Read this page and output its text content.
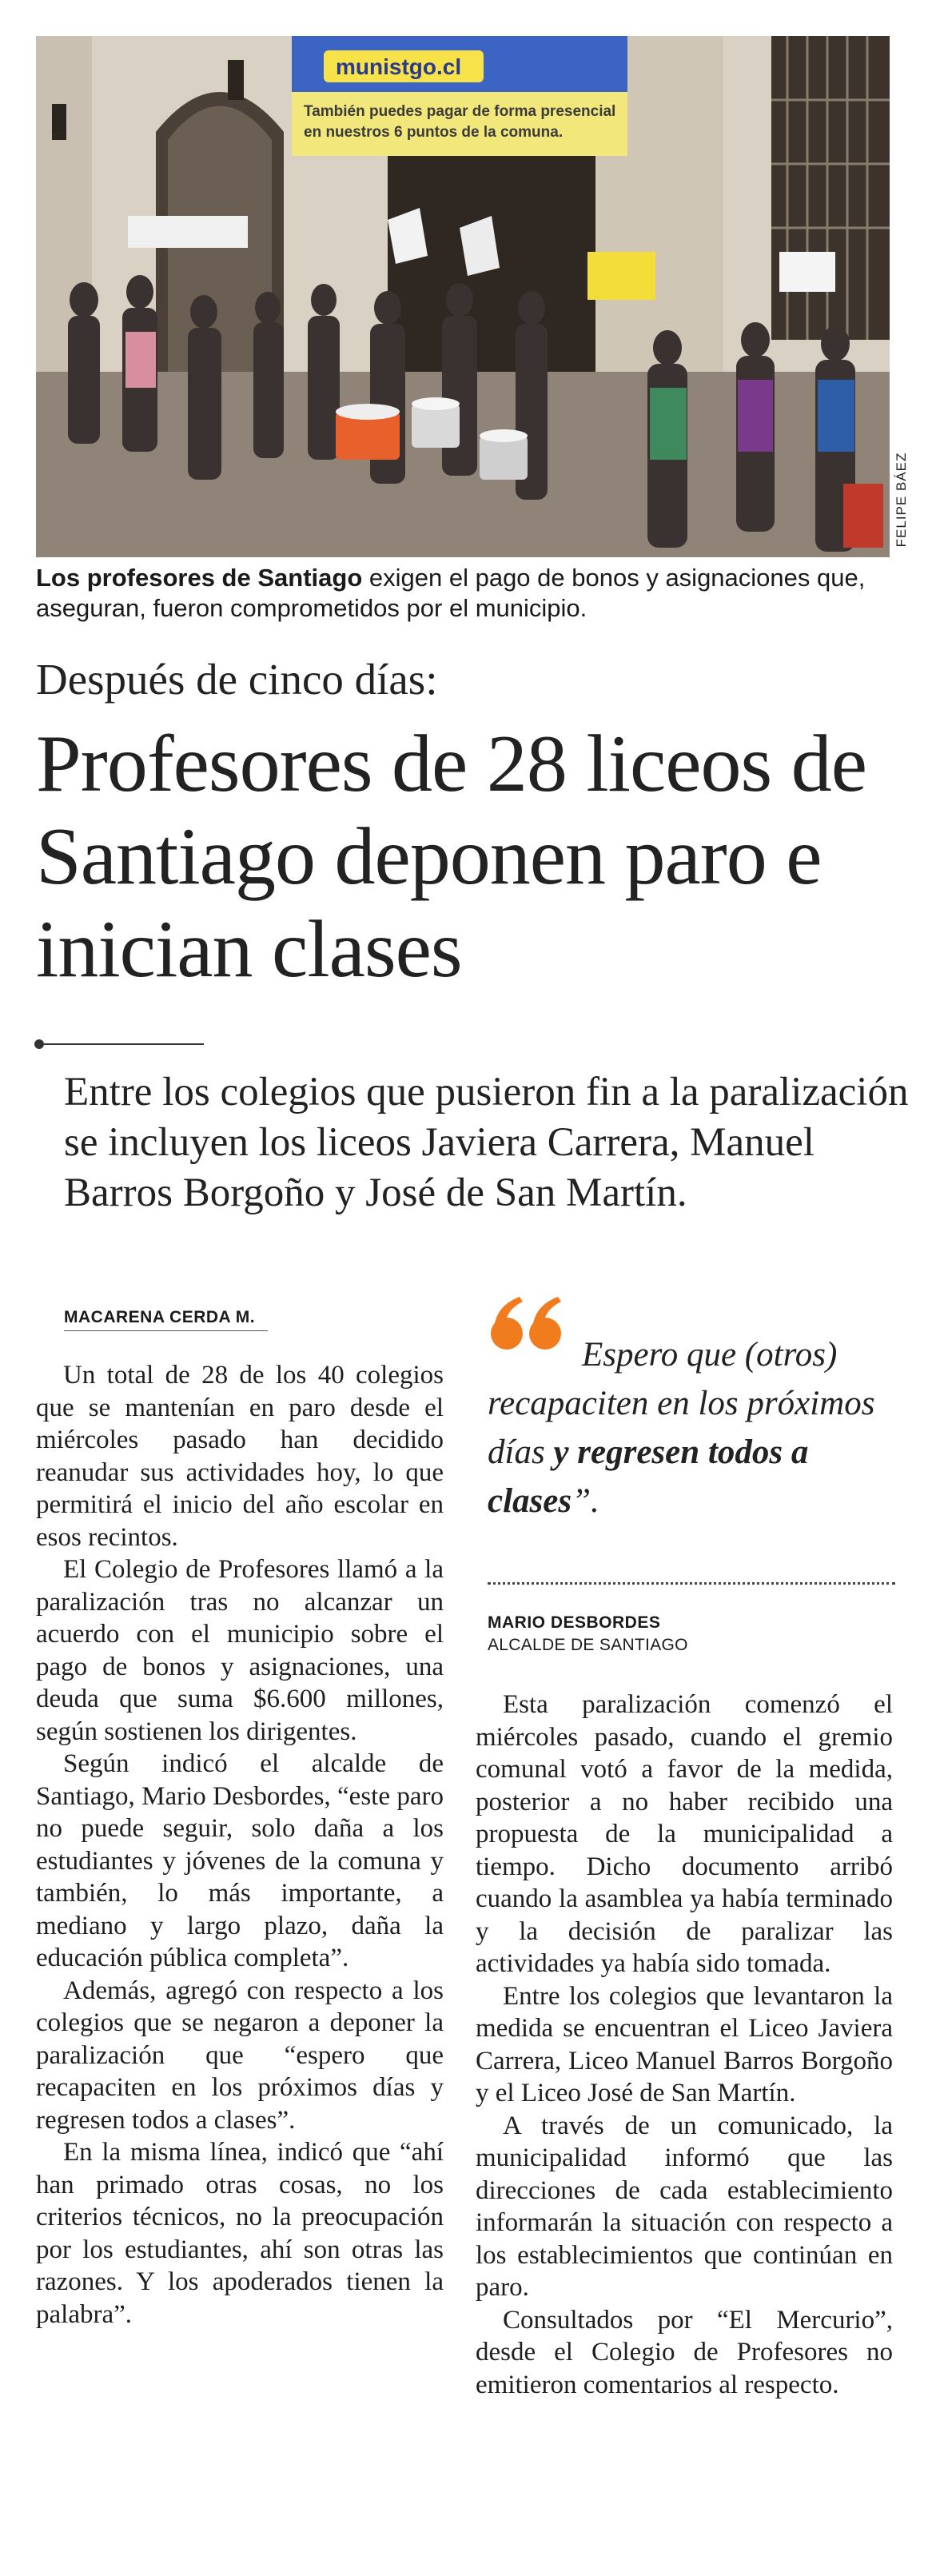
munistgo.cl
También puedes pagar de forma presencial
en nuestros 6 puntos de la comuna.
FELIPE BÁEZ
Los profesores de Santiago exigen el pago de bonos y asignaciones que, aseguran, fueron comprometidos por el municipio.
Después de cinco días:
Profesores de 28 liceos de Santiago deponen paro e inician clases
Entre los colegios que pusieron fin a la paralización se incluyen los liceos Javiera Carrera, Manuel Barros Borgoño y José de San Martín.
MACARENA CERDA M.

Un total de 28 de los 40 colegios que se mantenían en paro desde el miércoles pasado han decidido reanudar sus actividades hoy, lo que permitirá el inicio del año escolar en esos recintos.

El Colegio de Profesores llamó a la paralización tras no alcanzar un acuerdo con el municipio sobre el pago de bonos y asignaciones, una deuda que suma $6.600 millones, según sostienen los dirigentes.

Según indicó el alcalde de Santiago, Mario Desbordes, “este paro no puede seguir, solo daña a los estudiantes y jóvenes de la comuna y también, lo más importante, a mediano y largo plazo, daña la educación pública completa”.

Además, agregó con respecto a los colegios que se negaron a deponer la paralización que “espero que recapaciten en los próximos días y regresen todos a clases”.

En la misma línea, indicó que “ahí han primado otras cosas, no los criterios técnicos, no la preocupación por los estudiantes, ahí son otras las razones. Y los apoderados tienen la palabra”.

Espero que (otros) recapaciten en los próximos días y regresen todos a clases”.
MARIO DESBORDES
ALCALDE DE SANTIAGO

Esta paralización comenzó el miércoles pasado, cuando el gremio comunal votó a favor de la medida, posterior a no haber recibido una propuesta de la municipalidad a tiempo. Dicho documento arribó cuando la asamblea ya había terminado y la decisión de paralizar las actividades ya había sido tomada.

Entre los colegios que levantaron la medida se encuentran el Liceo Javiera Carrera, Liceo Manuel Barros Borgoño y el Liceo José de San Martín.

A través de un comunicado, la municipalidad informó que las direcciones de cada establecimiento informarán la situación con respecto a los establecimientos que continúan en paro.

Consultados por “El Mercurio”, desde el Colegio de Profesores no emitieron comentarios al respecto.
